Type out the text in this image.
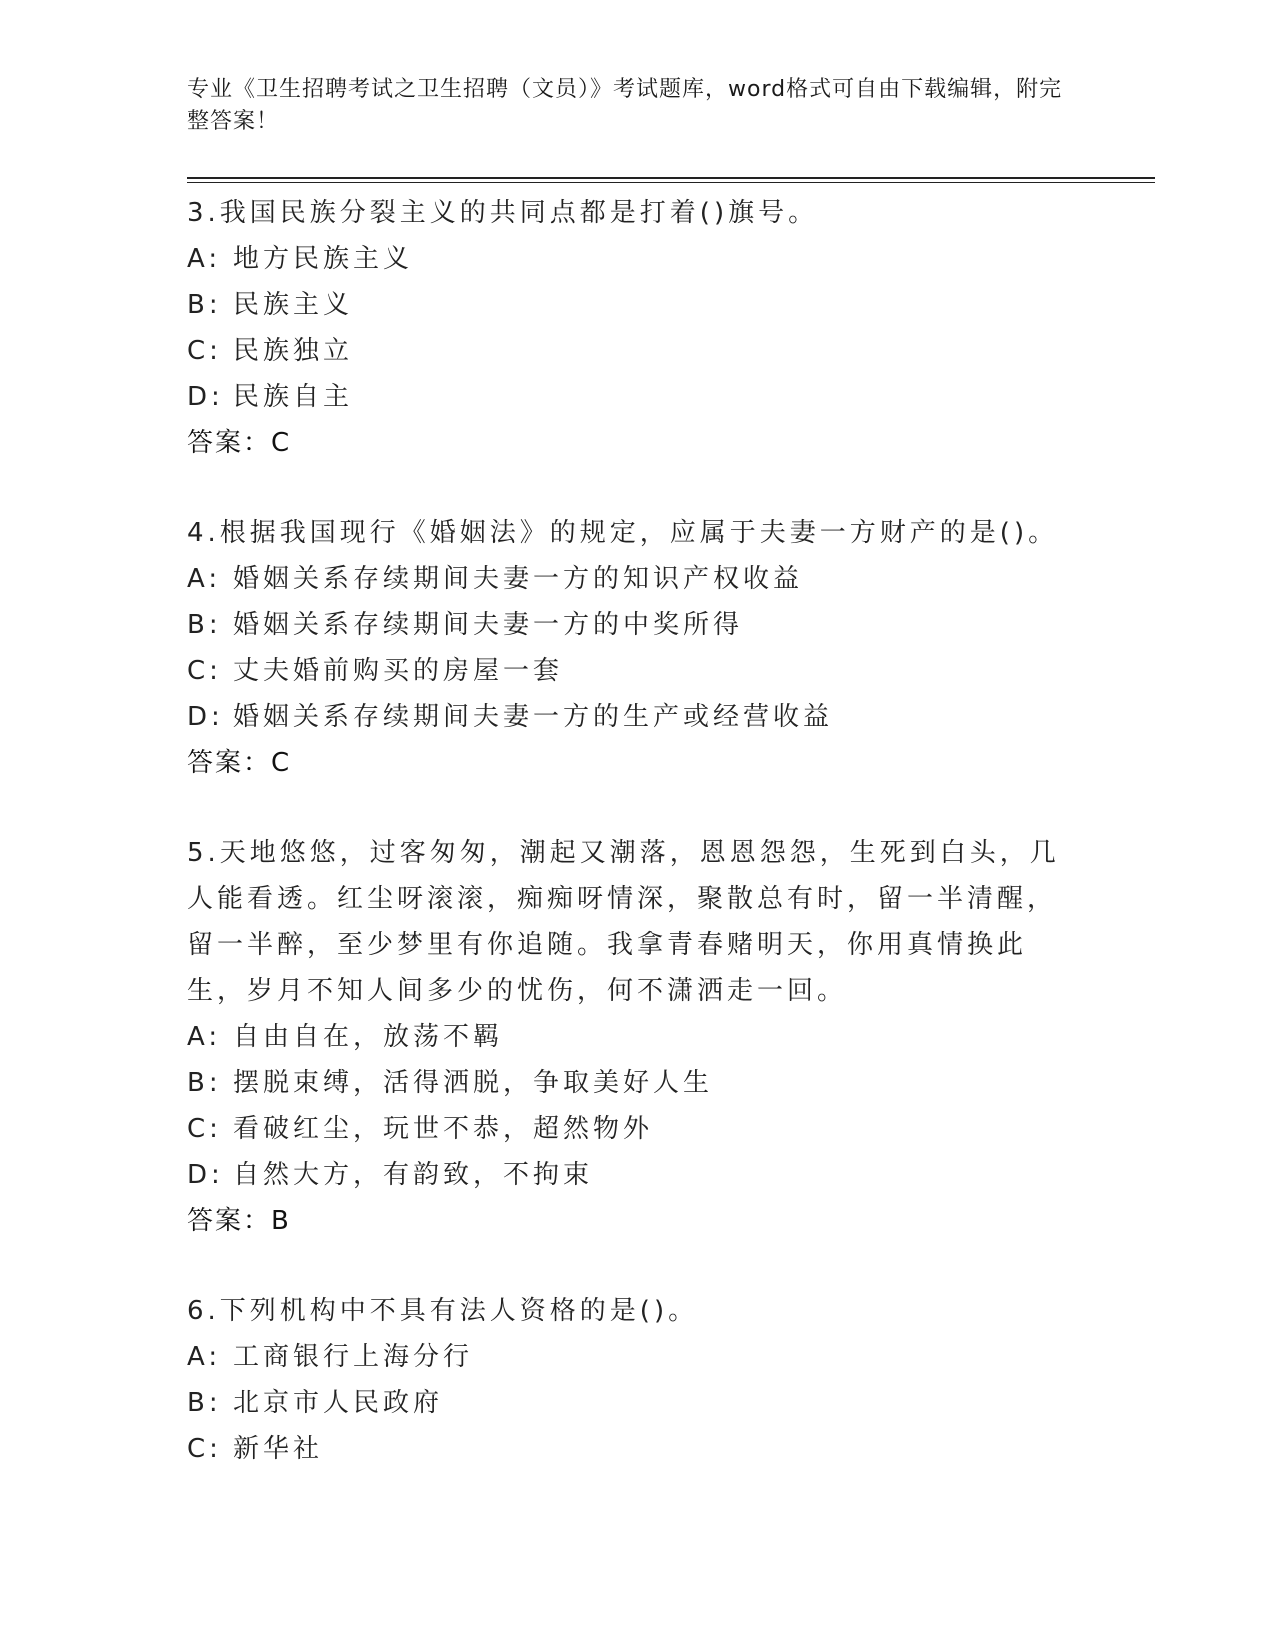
专业《卫生招聘考试之卫生招聘（文员）》考试题库，word格式可自由下载编辑，附完整答案！

3.我国民族分裂主义的共同点都是打着()旗号。

A: 地方民族主义
B: 民族主义
C: 民族独立
D: 民族自主
答案：C

4.根据我国现行《婚姻法》的规定，应属于夫妻一方财产的是()。

A: 婚姻关系存续期间夫妻一方的知识产权收益
B: 婚姻关系存续期间夫妻一方的中奖所得
C: 丈夫婚前购买的房屋一套
D: 婚姻关系存续期间夫妻一方的生产或经营收益
答案：C

5.天地悠悠，过客匆匆，潮起又潮落，恩恩怨怨，生死到白头，几人能看透。红尘呀滚滚，痴痴呀情深，聚散总有时，留一半清醒，留一半醉，至少梦里有你追随。我拿青春赌明天，你用真情换此生，岁月不知人间多少的忧伤，何不潇洒走一回。

A: 自由自在，放荡不羁
B: 摆脱束缚，活得洒脱，争取美好人生
C: 看破红尘，玩世不恭，超然物外
D: 自然大方，有韵致，不拘束
答案：B

6.下列机构中不具有法人资格的是()。

A: 工商银行上海分行
B: 北京市人民政府
C: 新华社
